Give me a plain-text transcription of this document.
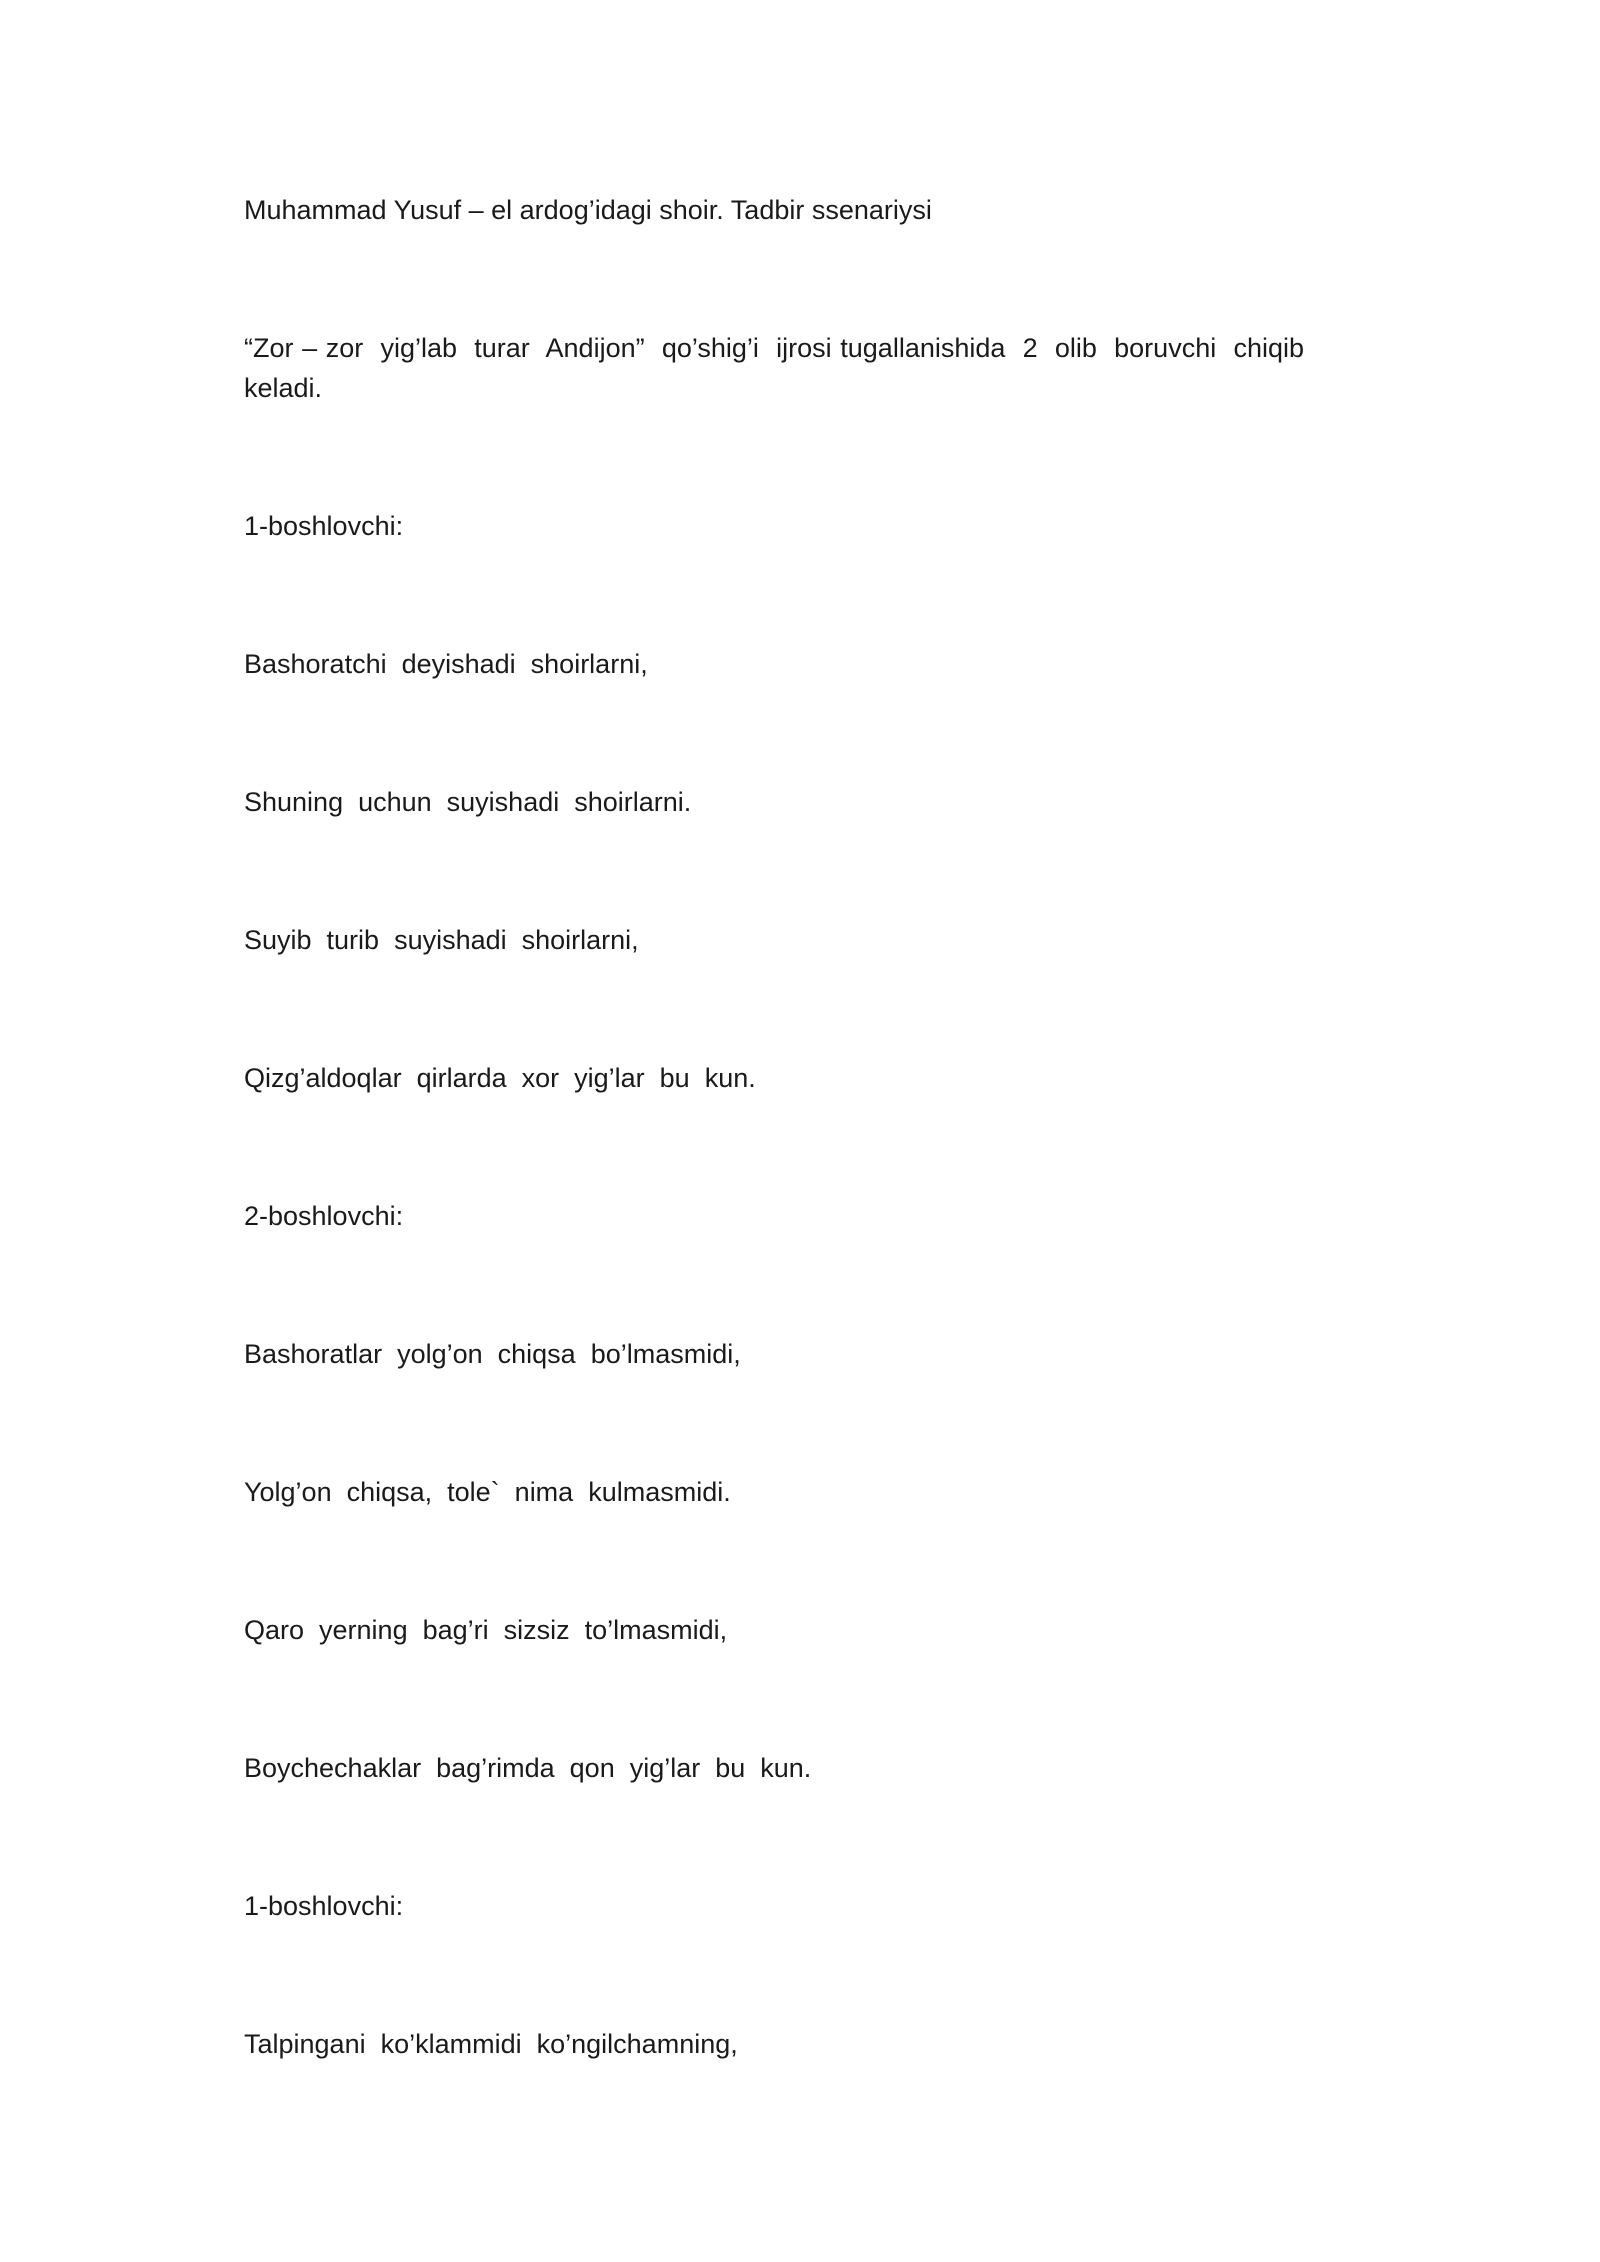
Muhammad Yusuf – el ardog’idagi shoir. Tadbir ssenariysi

“Zor – zor  yig’lab  turar  Andijon”  qo’shig’i  ijrosi tugallanishida  2  olib  boruvchi  chiqib  keladi.

1-boshlovchi:

Bashoratchi  deyishadi  shoirlarni,

Shuning  uchun  suyishadi  shoirlarni.

Suyib  turib  suyishadi  shoirlarni,

Qizg’aldoqlar  qirlarda  xor  yig’lar  bu  kun.

2-boshlovchi:

Bashoratlar  yolg’on  chiqsa  bo’lmasmidi,

Yolg’on  chiqsa,  tole`  nima  kulmasmidi.

Qaro  yerning  bag’ri  sizsiz  to’lmasmidi,

Boychechaklar  bag’rimda  qon  yig’lar  bu  kun.

1-boshlovchi:

Talpingani  ko’klammidi  ko’ngilchamning,
